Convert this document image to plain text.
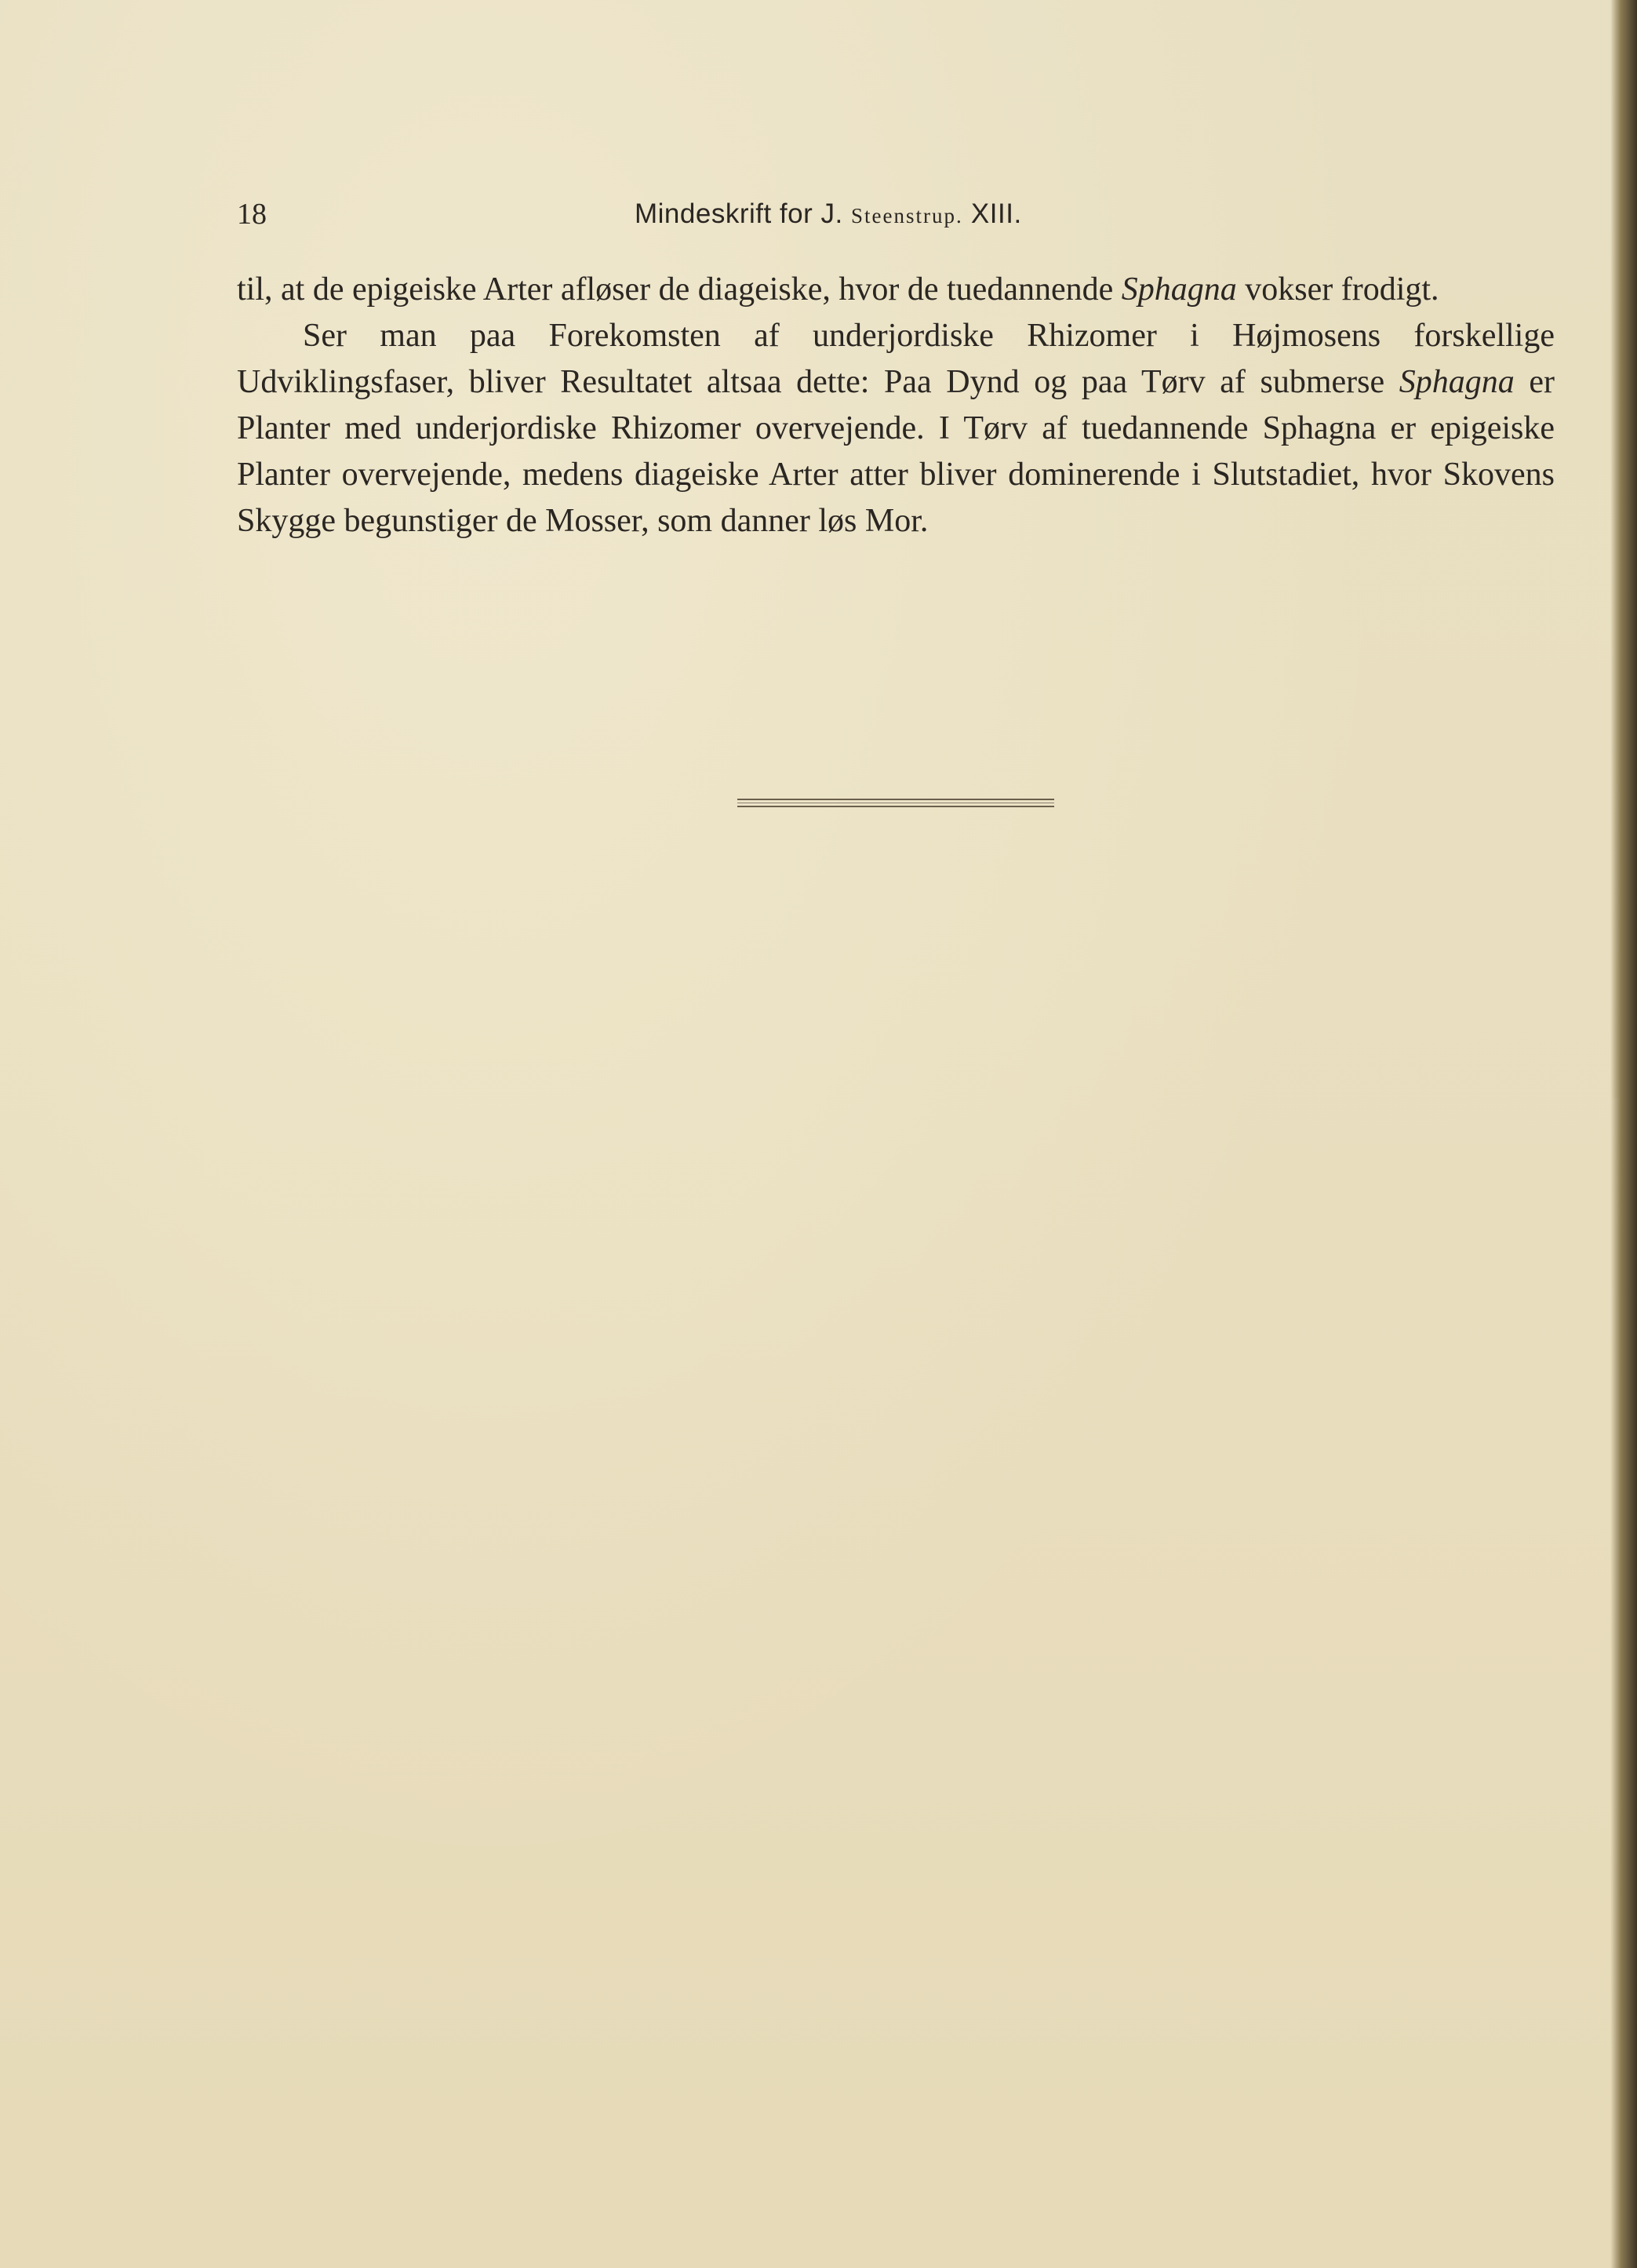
18	Mindeskrift for J. Steenstrup. XIII.

til, at de epigeiske Arter afløser de diageiske, hvor de tuedannende Sphagna vokser frodigt.

Ser man paa Forekomsten af underjordiske Rhizomer i Højmosens forskellige Udviklingsfaser, bliver Resultatet altsaa dette: Paa Dynd og paa Tørv af submerse Sphagna er Planter med underjordiske Rhizomer overvejende. I Tørv af tuedannende Sphagna er epigeiske Planter overvejende, medens diageiske Arter atter bliver dominerende i Slutstadiet, hvor Skovens Skygge begunstiger de Mosser, som danner løs Mor.
